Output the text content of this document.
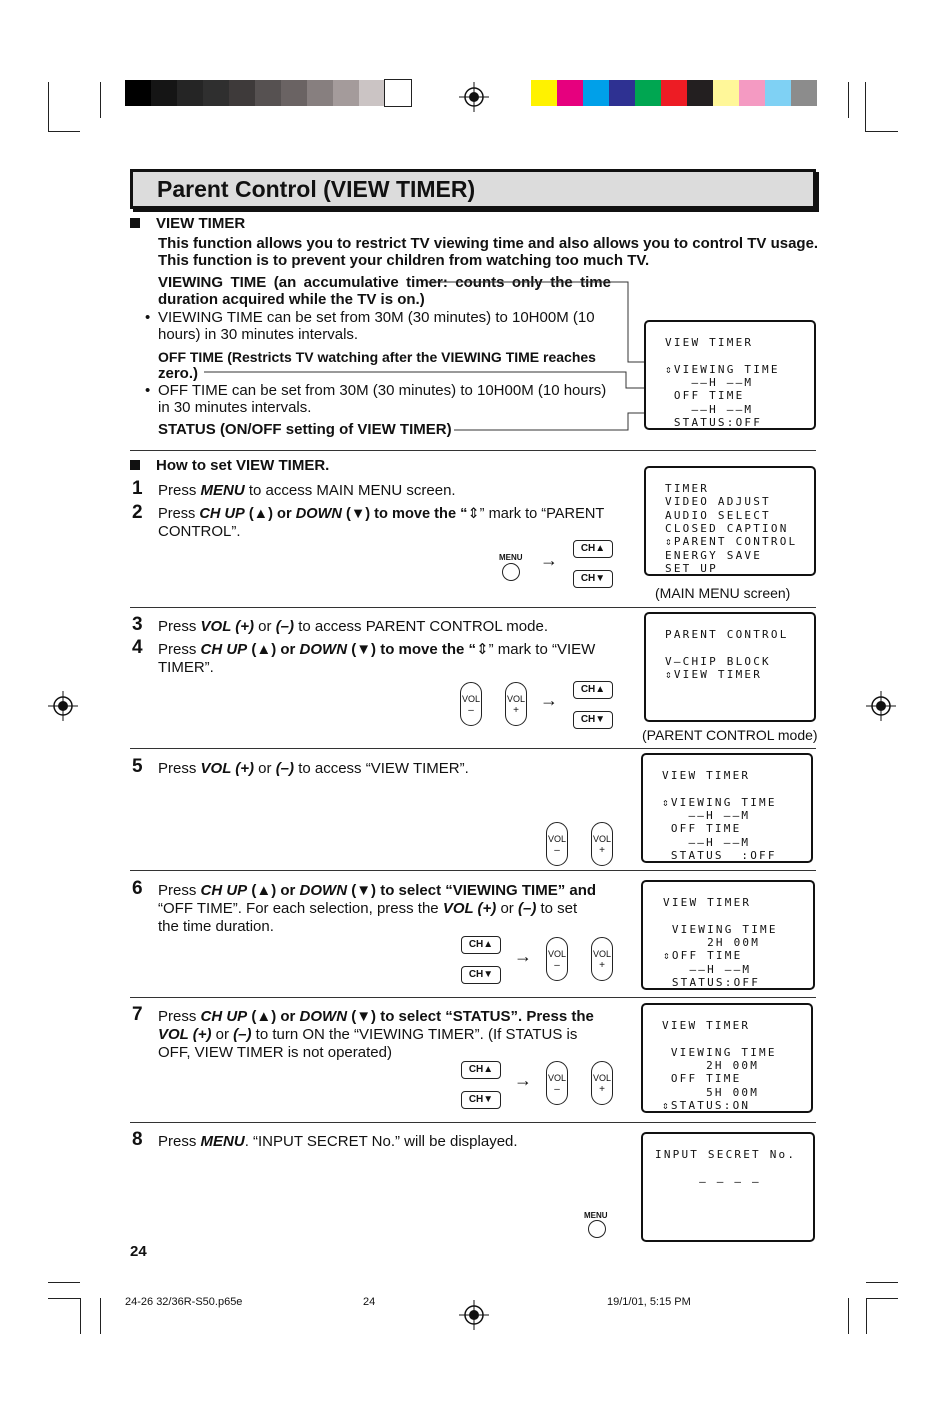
Parent Control (VIEW TIMER)
VIEW TIMER
This function allows you to restrict TV viewing time and also allows you to control TV usage.
This function is to prevent your children from watching too much TV.
VIEWING TIME (an accumulative timer: counts only the time
duration acquired while the TV is on.)
• VIEWING TIME can be set from 30M (30 minutes) to 10H00M (10
hours) in 30 minutes intervals.
OFF TIME (Restricts TV watching after the VIEWING TIME reaches
zero.)
• OFF TIME can be set from 30M (30 minutes) to 10H00M (10 hours)
in 30 minutes intervals.
STATUS (ON/OFF setting of VIEW TIMER)
How to set VIEW TIMER.
1 Press MENU to access MAIN MENU screen.
2 Press CH UP (▲) or DOWN (▼) to move the “⇕” mark to “PARENT
CONTROL”.
MENU →
CH▲
CH▼
3 Press VOL (+) or (–) to access PARENT CONTROL mode.
4 Press CH UP (▲) or DOWN (▼) to move the “⇕” mark to “VIEW
TIMER”.
VOL
–
VOL
+
→
CH▲
CH▼
5 Press VOL (+) or (–) to access “VIEW TIMER”.
VOL
–
VOL
+
6 Press CH UP (▲) or DOWN (▼) to select “VIEWING TIME” and
“OFF TIME”. For each selection, press the VOL (+) or (–) to set
the time duration.
CH▲
CH▼
→ VOL
–
VOL
+
7 Press CH UP (▲) or DOWN (▼) to select “STATUS”. Press the
VOL (+) or (–) to turn ON the “VIEWING TIMER”. (If STATUS is
OFF, VIEW TIMER is not operated)
CH▲
CH▼
→ VOL
–
VOL
+
8 Press MENU. “INPUT SECRET No.” will be displayed.
MENU
VIEW TIMER
⇕VIEWING TIME
––H ––M
OFF TIME
––H ––M
STATUS:OFF
TIMER
VIDEO ADJUST
AUDIO SELECT
CLOSED CAPTION
⇕PARENT CONTROL
ENERGY SAVE
SET UP
(MAIN MENU screen)
PARENT CONTROL
V–CHIP BLOCK
⇕VIEW TIMER
(PARENT CONTROL mode)
VIEW TIMER
⇕VIEWING TIME
––H ––M
OFF TIME
––H ––M
STATUS  :OFF
VIEW TIMER
VIEWING TIME
2H 00M
⇕OFF TIME
––H ––M
STATUS:OFF
VIEW TIMER
VIEWING TIME
2H 00M
OFF TIME
5H 00M
⇕STATUS:ON
INPUT SECRET No.
– – – –
24
24-26 32/36R-S50.p65e	24	19/1/01, 5:15 PM
